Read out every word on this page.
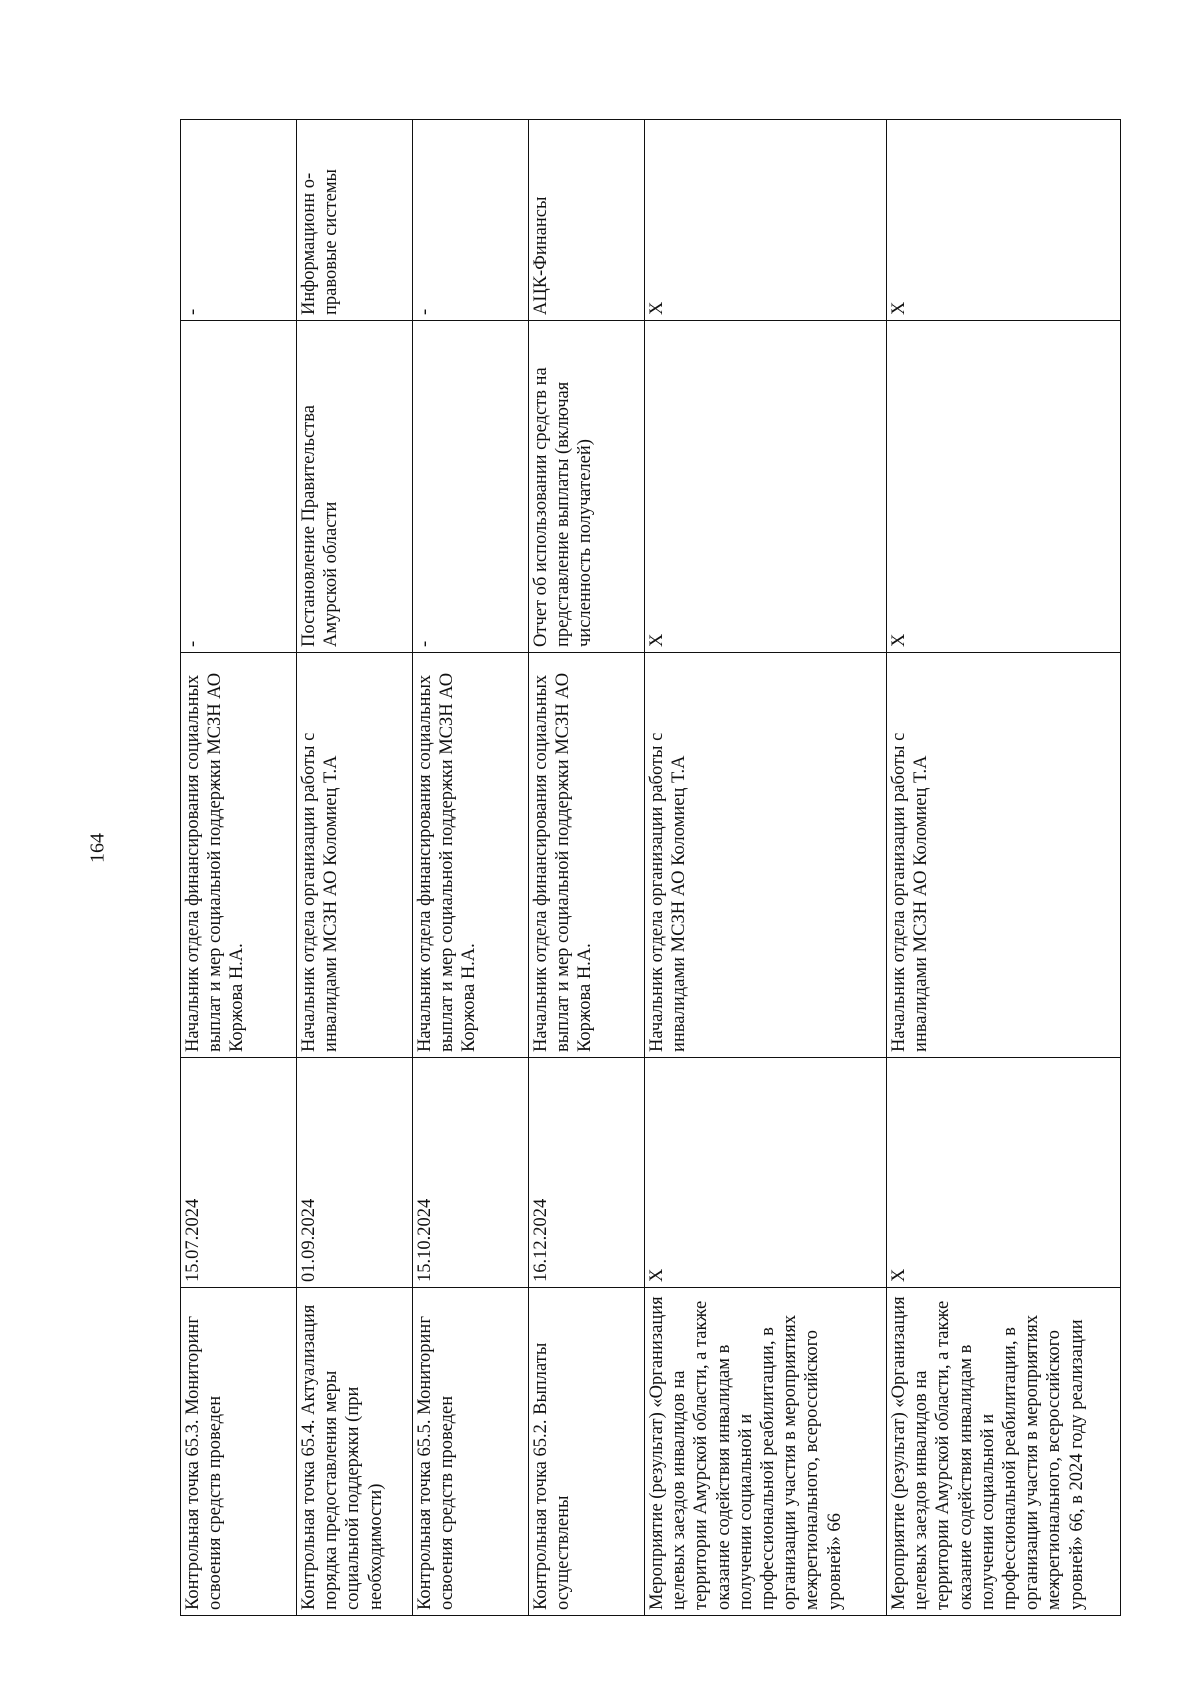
164
Контрольная точка 65.3. Мониторинг освоения средств проведен	15.07.2024	Начальник отдела финансирования социальных выплат и мер социальной поддержки МСЗН АО Коржова Н.А.	-	-
Контрольная точка 65.4. Актуализация порядка предоставления меры социальной поддержки (при необходимости)	01.09.2024	Начальник отдела организации работы с инвалидами МСЗН АО Коломиец Т.А	Постановление Правительства Амурской области	Информационн о-правовые системы
Контрольная точка 65.5. Мониторинг освоения средств проведен	15.10.2024	Начальник отдела финансирования социальных выплат и мер социальной поддержки МСЗН АО Коржова Н.А.	-	-
Контрольная точка 65.2. Выплаты осуществлены	16.12.2024	Начальник отдела финансирования социальных выплат и мер социальной поддержки МСЗН АО Коржова Н.А.	Отчет об использовании средств на представление выплаты (включая численность получателей)	АЦК-Финансы
Мероприятие (результат) «Организация целевых заездов инвалидов на территории Амурской области, а также оказание содействия инвалидам в получении социальной и профессиональной реабилитации, в организации участия в мероприятиях межрегионального, всероссийского уровней» 66	X	Начальник отдела организации работы с инвалидами МСЗН АО Коломиец Т.А	X	X
Мероприятие (результат) «Организация целевых заездов инвалидов на территории Амурской области, а также оказание содействия инвалидам в получении социальной и профессиональной реабилитации, в организации участия в мероприятиях межрегионального, всероссийского уровней» 66, в 2024 году реализации	X	Начальник отдела организации работы с инвалидами МСЗН АО Коломиец Т.А	X	X
